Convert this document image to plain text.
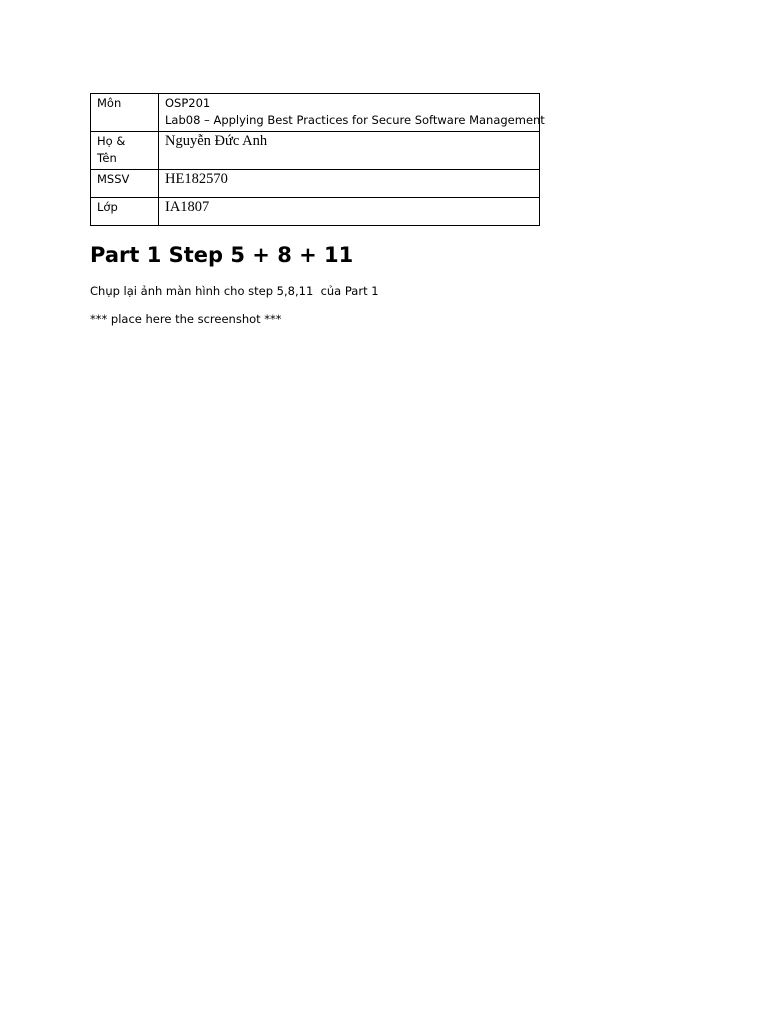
Môn	OSP201
Lab08 – Applying Best Practices for Secure Software Management

Họ &
Tên	Nguyễn Đức Anh

MSSV	HE182570

Lớp	IA1807
Part 1 Step 5 + 8 + 11

Chụp lại ảnh màn hình cho step 5,8,11  của Part 1

*** place here the screenshot ***
